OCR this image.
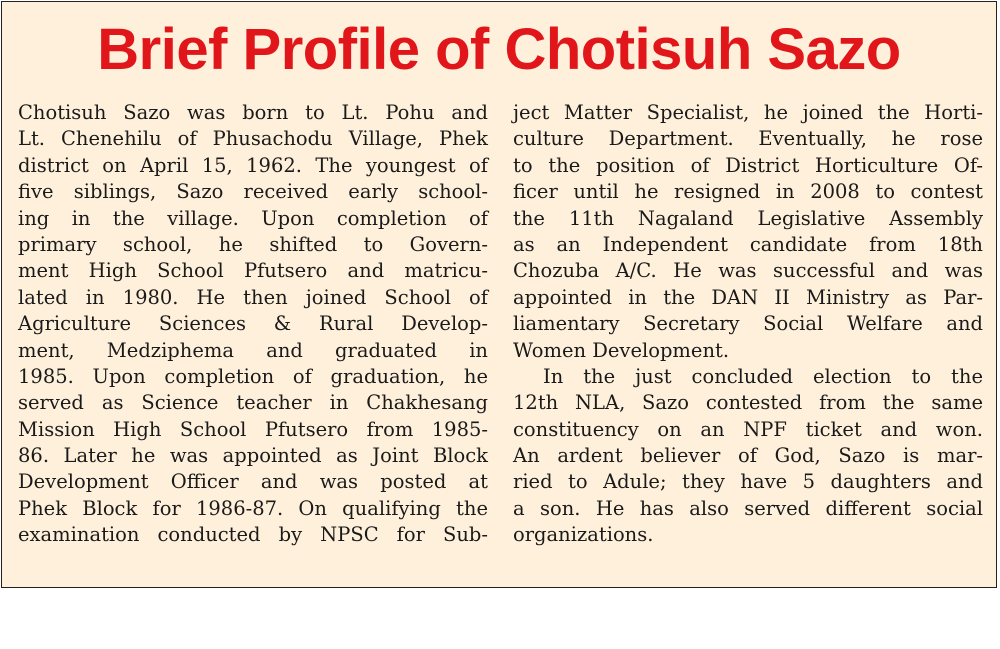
Brief Profile of Chotisuh Sazo
Chotisuh Sazo was born to Lt. Pohu and
Lt. Chenehilu of Phusachodu Village, Phek
district on April 15, 1962. The youngest of
five siblings, Sazo received early school-
ing in the village. Upon completion of
primary school, he shifted to Govern-
ment High School Pfutsero and matricu-
lated in 1980. He then joined School of
Agriculture Sciences & Rural Develop-
ment, Medziphema and graduated in
1985. Upon completion of graduation, he
served as Science teacher in Chakhesang
Mission High School Pfutsero from 1985-
86. Later he was appointed as Joint Block
Development Officer and was posted at
Phek Block for 1986-87. On qualifying the
examination conducted by NPSC for Sub-
ject Matter Specialist, he joined the Horti-
culture Department. Eventually, he rose
to the position of District Horticulture Of-
ficer until he resigned in 2008 to contest
the 11th Nagaland Legislative Assembly
as an Independent candidate from 18th
Chozuba A/C. He was successful and was
appointed in the DAN II Ministry as Par-
liamentary Secretary Social Welfare and
Women Development.
In the just concluded election to the
12th NLA, Sazo contested from the same
constituency on an NPF ticket and won.
An ardent believer of God, Sazo is mar-
ried to Adule; they have 5 daughters and
a son. He has also served different social
organizations.
